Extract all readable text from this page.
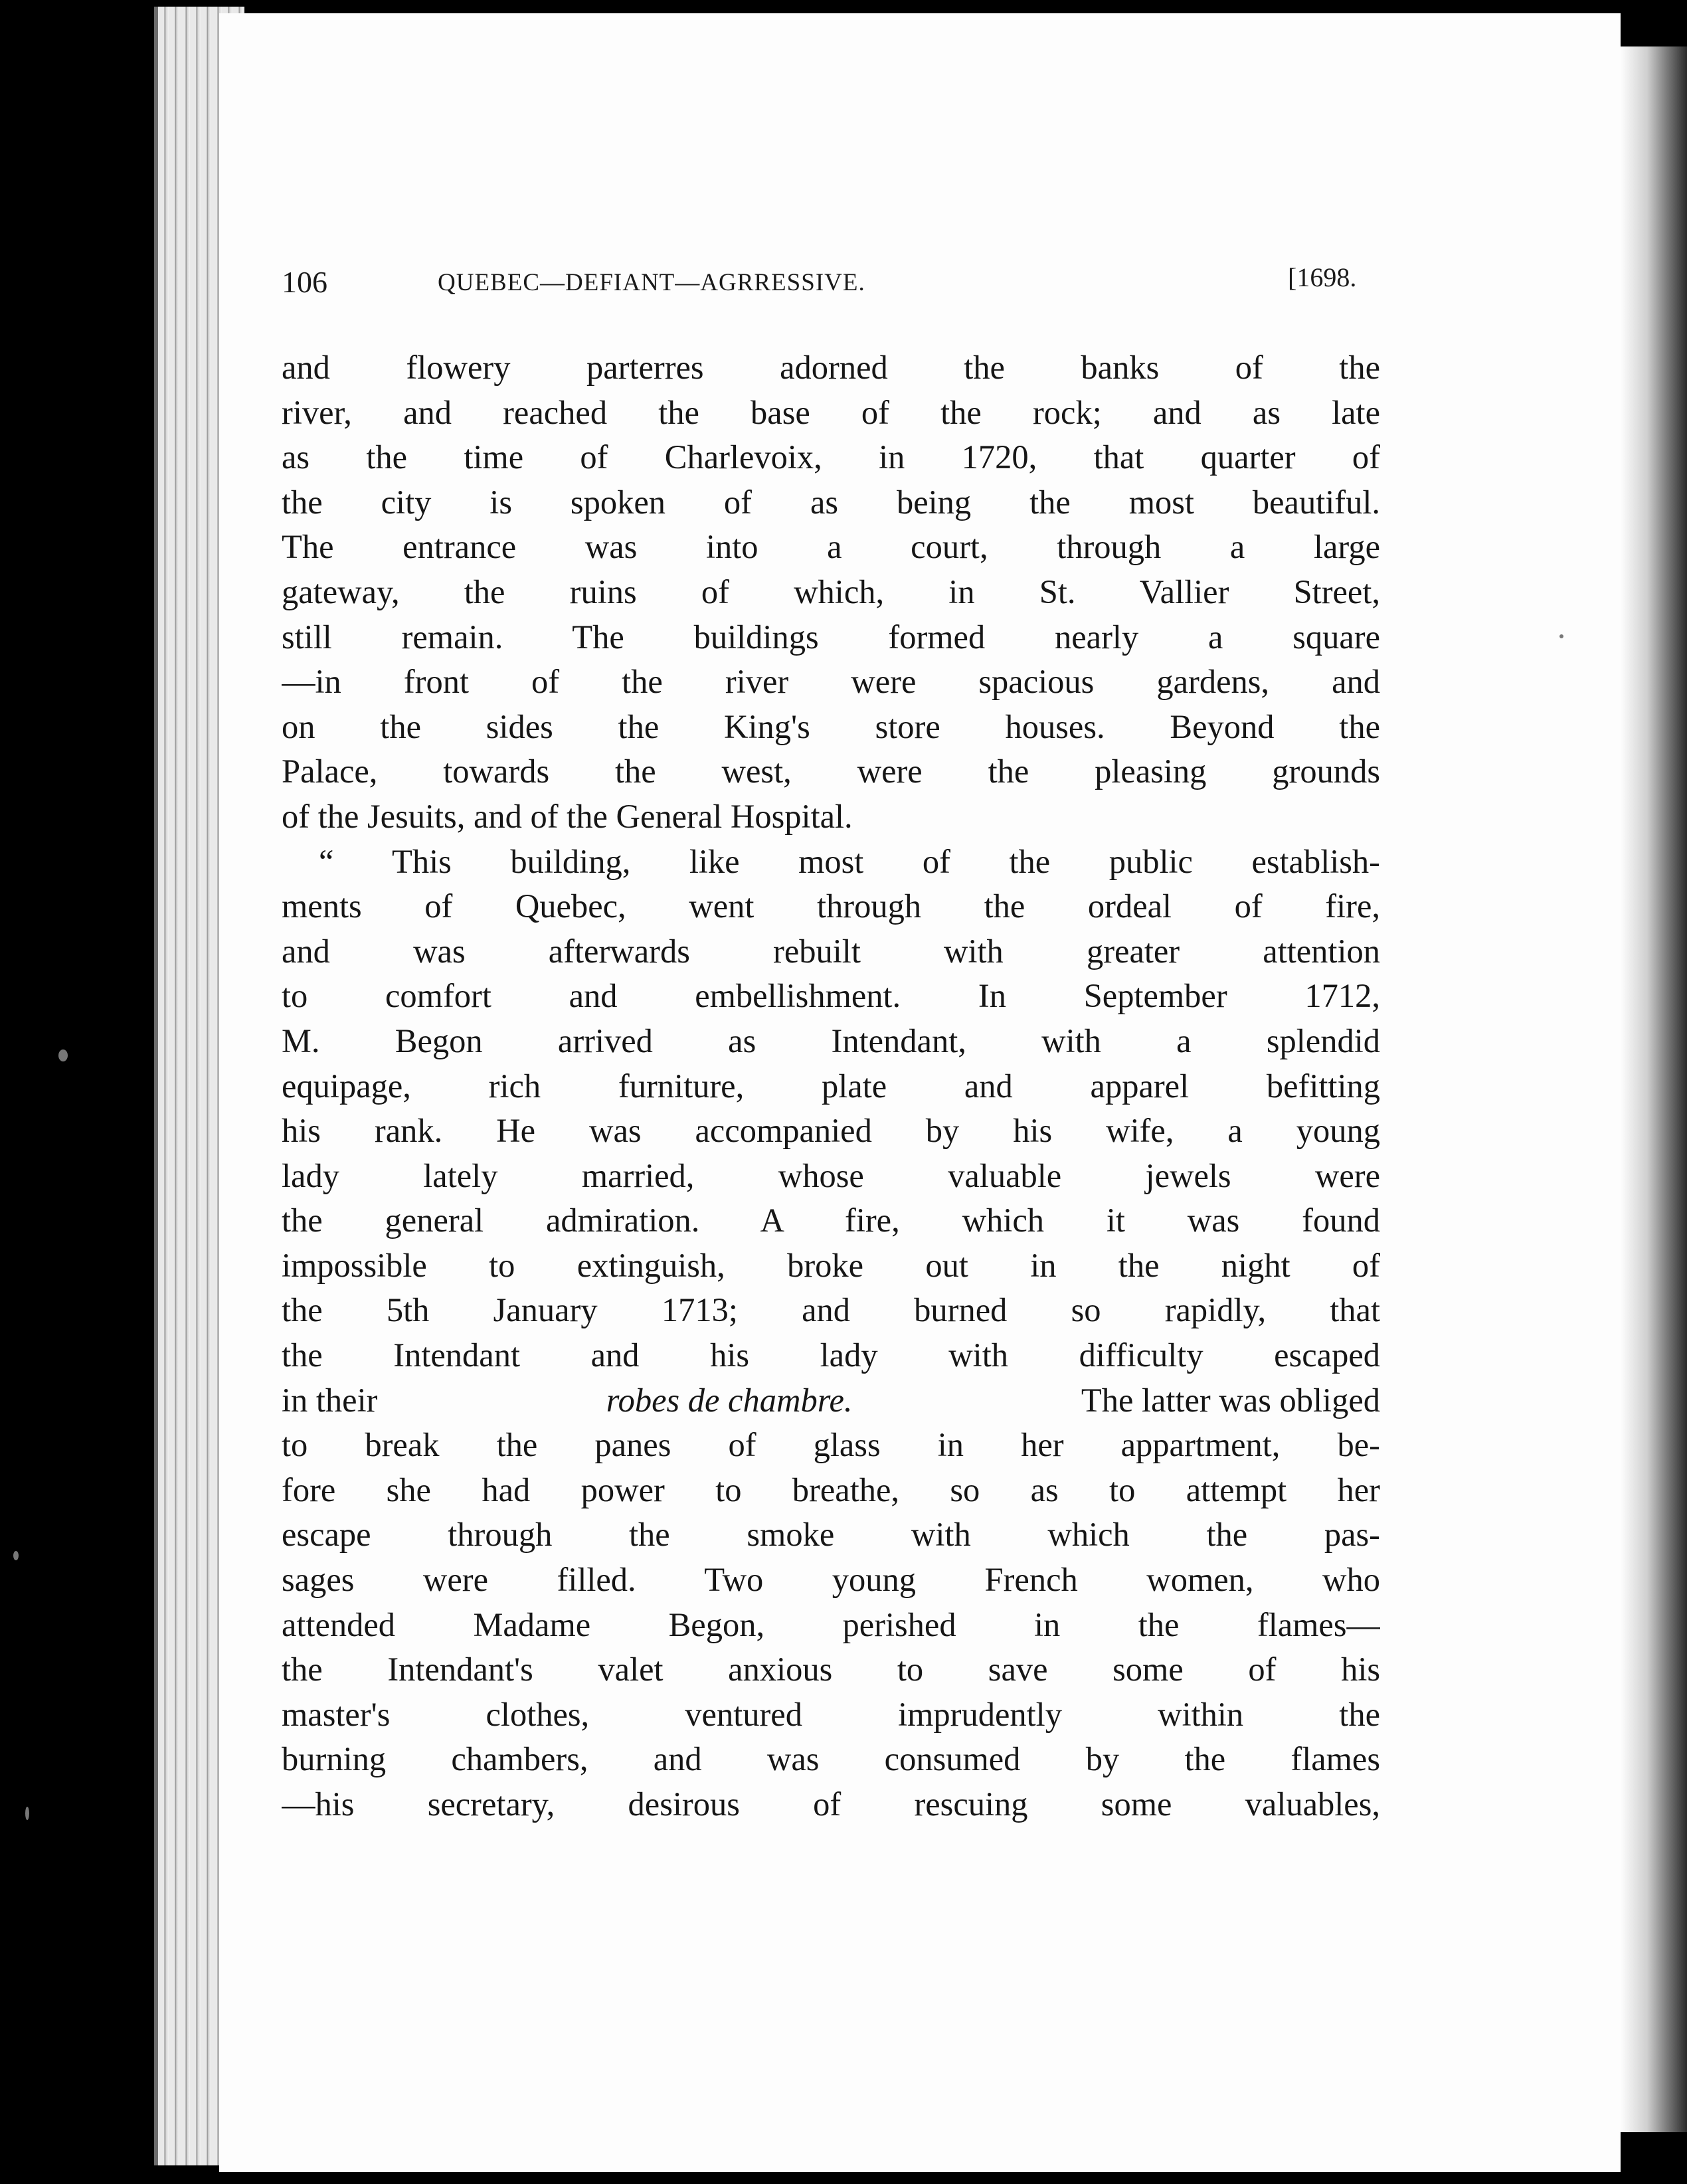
106	QUEBEC—DEFIANT—AGRRESSIVE.	[1698.
and flowery parterres adorned the banks of the
river, and reached the base of the rock; and as late
as the time of Charlevoix, in 1720, that quarter of
the city is spoken of as being the most beautiful.
The entrance was into a court, through a large
gateway, the ruins of which, in St. Vallier Street,
still remain. The buildings formed nearly a square
—in front of the river were spacious gardens, and
on the sides the King's store houses. Beyond the
Palace, towards the west, were the pleasing grounds
of the Jesuits, and of the General Hospital.
“ This building, like most of the public establish-
ments of Quebec, went through the ordeal of fire,
and was afterwards rebuilt with greater attention
to comfort and embellishment. In September 1712,
M. Begon arrived as Intendant, with a splendid
equipage, rich furniture, plate and apparel befitting
his rank. He was accompanied by his wife, a young
lady lately married, whose valuable jewels were
the general admiration. A fire, which it was found
impossible to extinguish, broke out in the night of
the 5th January 1713; and burned so rapidly, that
the Intendant and his lady with difficulty escaped
in their	robes de chambre.	The latter was obliged
to break the panes of glass in her appartment, be-
fore she had power to breathe, so as to attempt her
escape through the smoke with which the pas-
sages were filled. Two young French women, who
attended Madame Begon, perished in the flames—
the Intendant's valet anxious to save some of his
master's clothes, ventured imprudently within the
burning chambers, and was consumed by the flames
—his secretary, desirous of rescuing some valuables,
